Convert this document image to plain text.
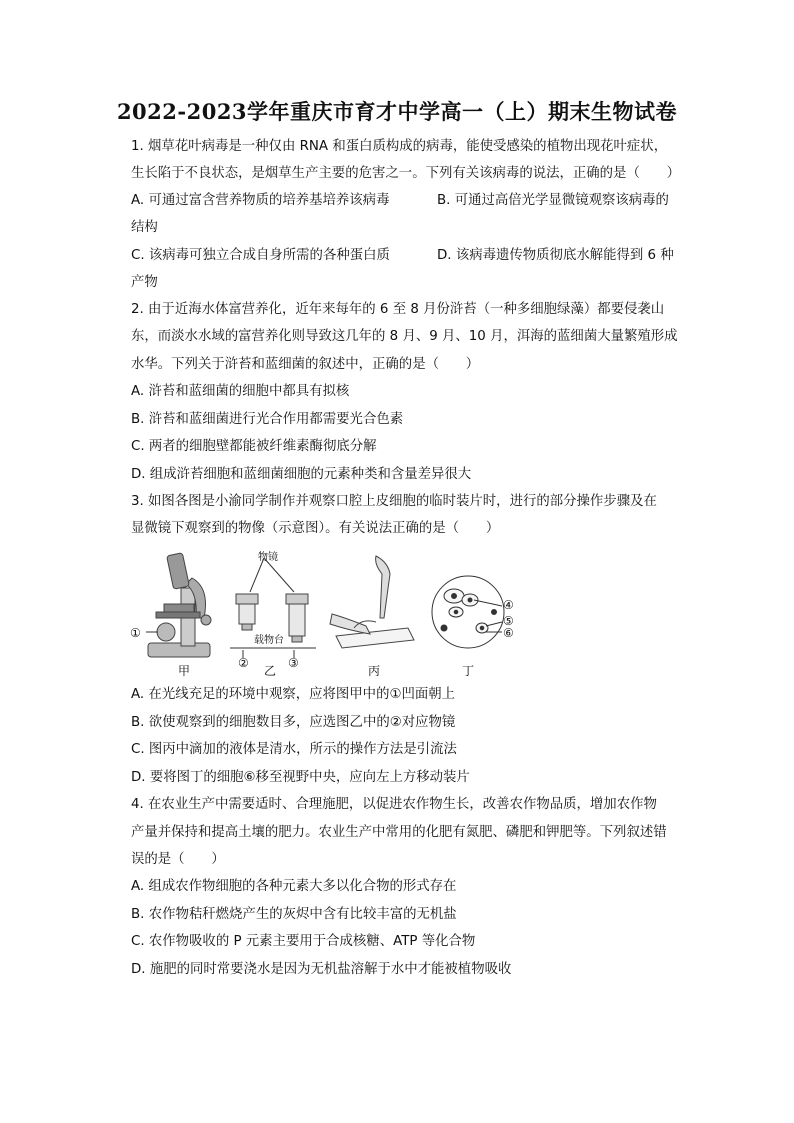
2022-2023学年重庆市育才中学高一（上）期末生物试卷
1. 烟草花叶病毒是一种仅由 RNA 和蛋白质构成的病毒，能使受感染的植物出现花叶症状，
生长陷于不良状态，是烟草生产主要的危害之一。下列有关该病毒的说法，正确的是（　　）
A. 可通过富含营养物质的培养基培养该病毒	B. 可通过高倍光学显微镜观察该病毒的
结构
C. 该病毒可独立合成自身所需的各种蛋白质	D. 该病毒遗传物质彻底水解能得到 6 种
产物
2. 由于近海水体富营养化，近年来每年的 6 至 8 月份浒苔（一种多细胞绿藻）都要侵袭山
东，而淡水水域的富营养化则导致这几年的 8 月、9 月、10 月，洱海的蓝细菌大量繁殖形成
水华。下列关于浒苔和蓝细菌的叙述中，正确的是（　　）
A. 浒苔和蓝细菌的细胞中都具有拟核
B. 浒苔和蓝细菌进行光合作用都需要光合色素
C. 两者的细胞壁都能被纤维素酶彻底分解
D. 组成浒苔细胞和蓝细菌细胞的元素种类和含量差异很大
3. 如图各图是小渝同学制作并观察口腔上皮细胞的临时装片时，进行的部分操作步骤及在
显微镜下观察到的物像（示意图）。有关说法正确的是（　　）
①
甲
物镜
载物台
②	③
乙	丙
④
⑤
⑥
丁
A. 在光线充足的环境中观察，应将图甲中的①凹面朝上
B. 欲使观察到的细胞数目多，应选图乙中的②对应物镜
C. 图丙中滴加的液体是清水，所示的操作方法是引流法
D. 要将图丁的细胞⑥移至视野中央，应向左上方移动装片
4. 在农业生产中需要适时、合理施肥，以促进农作物生长，改善农作物品质，增加农作物
产量并保持和提高土壤的肥力。农业生产中常用的化肥有氮肥、磷肥和钾肥等。下列叙述错
误的是（　　）
A. 组成农作物细胞的各种元素大多以化合物的形式存在
B. 农作物秸秆燃烧产生的灰烬中含有比较丰富的无机盐
C. 农作物吸收的 P 元素主要用于合成核糖、ATP 等化合物
D. 施肥的同时常要浇水是因为无机盐溶解于水中才能被植物吸收
